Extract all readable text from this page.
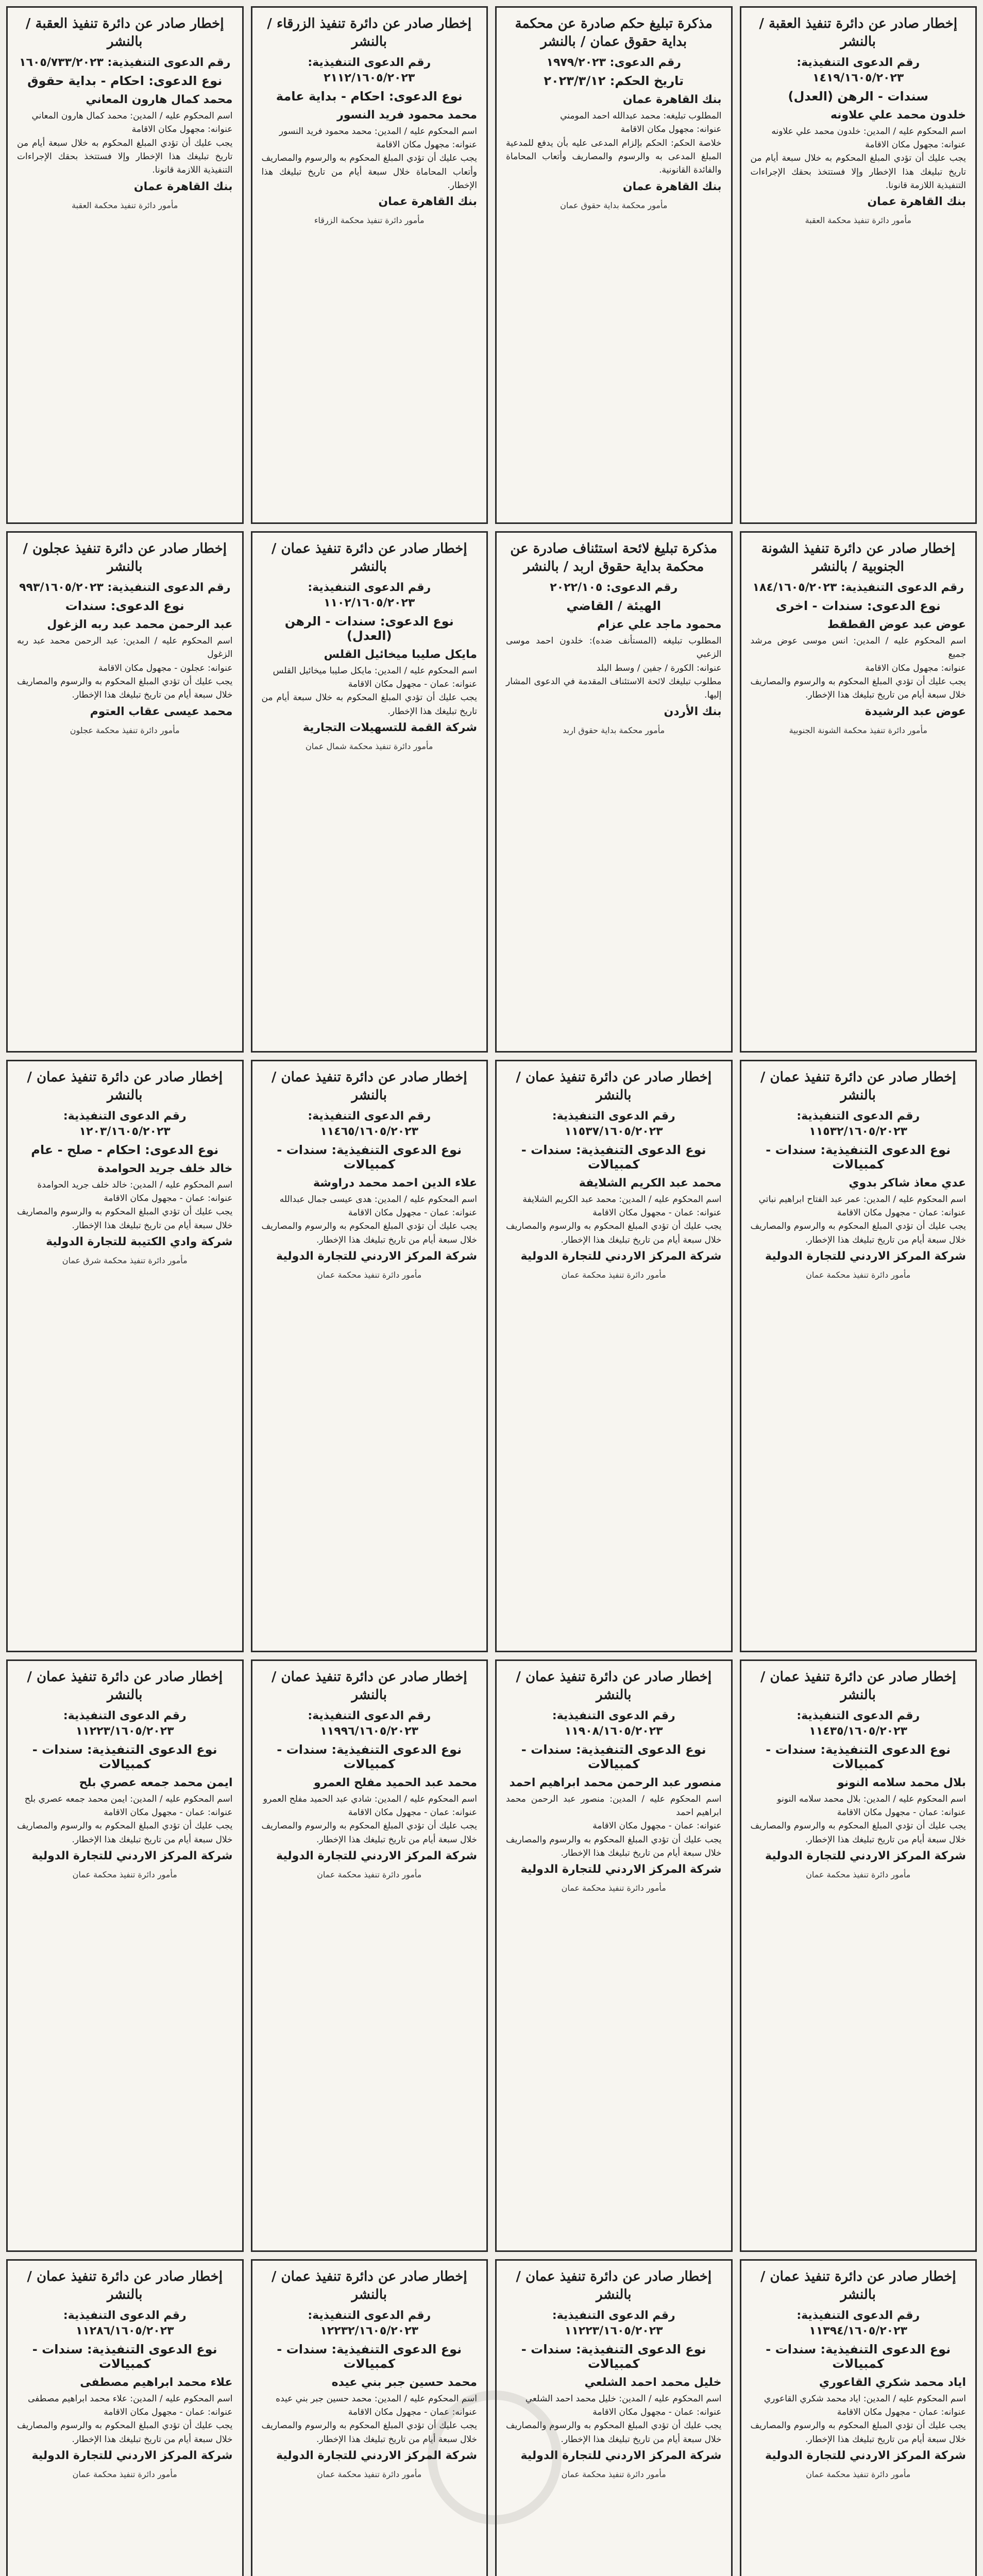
إخطار صادر عن دائرة تنفيذ العقبة / بالنشر
رقم الدعوى التنفيذية: ١٤١٩/١٦٠٥/٢٠٢٣
سندات - الرهن (العدل)
خلدون محمد علي علاونه
اسم المحكوم عليه / المدين: خلدون محمد علي علاونه
عنوانه: مجهول مكان الاقامة
يجب عليك أن تؤدي المبلغ المحكوم به خلال سبعة أيام من تاريخ تبليغك هذا الإخطار وإلا فستتخذ بحقك الإجراءات التنفيذية اللازمة قانونا.
بنك القاهرة عمان
مأمور دائرة تنفيذ محكمة العقبة
مذكرة تبليغ حكم صادرة عن محكمة بداية حقوق عمان / بالنشر
رقم الدعوى: ١٩٧٩/٢٠٢٣
تاريخ الحكم: ٢٠٢٣/٣/١٢
بنك القاهرة عمان
المطلوب تبليغه: محمد عبدالله احمد المومني
عنوانه: مجهول مكان الاقامة
خلاصة الحكم: الحكم بإلزام المدعى عليه بأن يدفع للمدعية المبلغ المدعى به والرسوم والمصاريف وأتعاب المحاماة والفائدة القانونية.
بنك القاهرة عمان
مأمور محكمة بداية حقوق عمان
إخطار صادر عن دائرة تنفيذ الزرقاء / بالنشر
رقم الدعوى التنفيذية: ٢١١٢/١٦٠٥/٢٠٢٣
نوع الدعوى: احكام - بداية عامة
محمد محمود فريد النسور
اسم المحكوم عليه / المدين: محمد محمود فريد النسور
عنوانه: مجهول مكان الاقامة
يجب عليك أن تؤدي المبلغ المحكوم به والرسوم والمصاريف وأتعاب المحاماة خلال سبعة أيام من تاريخ تبليغك هذا الإخطار.
بنك القاهرة عمان
مأمور دائرة تنفيذ محكمة الزرقاء
إخطار صادر عن دائرة تنفيذ العقبة / بالنشر
رقم الدعوى التنفيذية: ١٦٠٥/٧٣٣/٢٠٢٣
نوع الدعوى: احكام - بداية حقوق
محمد كمال هارون المعاني
اسم المحكوم عليه / المدين: محمد كمال هارون المعاني
عنوانه: مجهول مكان الاقامة
يجب عليك أن تؤدي المبلغ المحكوم به خلال سبعة أيام من تاريخ تبليغك هذا الإخطار وإلا فستتخذ بحقك الإجراءات التنفيذية اللازمة قانونا.
بنك القاهرة عمان
مأمور دائرة تنفيذ محكمة العقبة
إخطار صادر عن دائرة تنفيذ الشونة الجنوبية / بالنشر
رقم الدعوى التنفيذية: ١٨٤/١٦٠٥/٢٠٢٣
نوع الدعوى: سندات - اخرى
عوض عبد عوض القطقط
اسم المحكوم عليه / المدين: انس موسى عوض مرشد جميع
عنوانه: مجهول مكان الاقامة
يجب عليك أن تؤدي المبلغ المحكوم به والرسوم والمصاريف خلال سبعة أيام من تاريخ تبليغك هذا الإخطار.
عوض عبد الرشيدة
مأمور دائرة تنفيذ محكمة الشونة الجنوبية
مذكرة تبليغ لائحة استئناف صادرة عن محكمة بداية حقوق اربد / بالنشر
رقم الدعوى: ٢٠٢٢/١٠٥
الهيئة / القاضي
محمود ماجد علي عزام
المطلوب تبليغه (المستأنف ضده): خلدون احمد موسى الزعبي
عنوانه: الكورة / جفين / وسط البلد
مطلوب تبليغك لائحة الاستئناف المقدمة في الدعوى المشار إليها.
بنك الأردن
مأمور محكمة بداية حقوق اربد
إخطار صادر عن دائرة تنفيذ عمان / بالنشر
رقم الدعوى التنفيذية: ١١٠٢/١٦٠٥/٢٠٢٣
نوع الدعوى: سندات - الرهن (العدل)
مايكل صليبا ميخائيل القلس
اسم المحكوم عليه / المدين: مايكل صليبا ميخائيل القلس
عنوانه: عمان - مجهول مكان الاقامة
يجب عليك أن تؤدي المبلغ المحكوم به خلال سبعة أيام من تاريخ تبليغك هذا الإخطار.
شركة القمة للتسهيلات التجارية
مأمور دائرة تنفيذ محكمة شمال عمان
إخطار صادر عن دائرة تنفيذ عجلون / بالنشر
رقم الدعوى التنفيذية: ٩٩٣/١٦٠٥/٢٠٢٣
نوع الدعوى: سندات
عبد الرحمن محمد عبد ربه الزغول
اسم المحكوم عليه / المدين: عبد الرحمن محمد عبد ربه الزغول
عنوانه: عجلون - مجهول مكان الاقامة
يجب عليك أن تؤدي المبلغ المحكوم به والرسوم والمصاريف خلال سبعة أيام من تاريخ تبليغك هذا الإخطار.
محمد عيسى عقاب العتوم
مأمور دائرة تنفيذ محكمة عجلون
إخطار صادر عن دائرة تنفيذ عمان / بالنشر
رقم الدعوى التنفيذية: ١١٥٣٢/١٦٠٥/٢٠٢٣
نوع الدعوى التنفيذية: سندات - كمبيالات
عدي معاذ شاكر بدوي
اسم المحكوم عليه / المدين: عمر عبد الفتاح ابراهيم نباتي
عنوانه: عمان - مجهول مكان الاقامة
يجب عليك أن تؤدي المبلغ المحكوم به والرسوم والمصاريف خلال سبعة أيام من تاريخ تبليغك هذا الإخطار.
شركة المركز الاردني للتجارة الدولية
مأمور دائرة تنفيذ محكمة عمان
إخطار صادر عن دائرة تنفيذ عمان / بالنشر
رقم الدعوى التنفيذية: ١١٥٣٧/١٦٠٥/٢٠٢٣
نوع الدعوى التنفيذية: سندات - كمبيالات
محمد عبد الكريم الشلايفة
اسم المحكوم عليه / المدين: محمد عبد الكريم الشلايفة
عنوانه: عمان - مجهول مكان الاقامة
يجب عليك أن تؤدي المبلغ المحكوم به والرسوم والمصاريف خلال سبعة أيام من تاريخ تبليغك هذا الإخطار.
شركة المركز الاردني للتجارة الدولية
مأمور دائرة تنفيذ محكمة عمان
إخطار صادر عن دائرة تنفيذ عمان / بالنشر
رقم الدعوى التنفيذية: ١١٤٦٥/١٦٠٥/٢٠٢٣
نوع الدعوى التنفيذية: سندات - كمبيالات
علاء الدين احمد محمد دراوشة
اسم المحكوم عليه / المدين: هدى عيسى جمال عبدالله
عنوانه: عمان - مجهول مكان الاقامة
يجب عليك أن تؤدي المبلغ المحكوم به والرسوم والمصاريف خلال سبعة أيام من تاريخ تبليغك هذا الإخطار.
شركة المركز الاردني للتجارة الدولية
مأمور دائرة تنفيذ محكمة عمان
إخطار صادر عن دائرة تنفيذ عمان / بالنشر
رقم الدعوى التنفيذية: ١٢٠٣/١٦٠٥/٢٠٢٣
نوع الدعوى: احكام - صلح - عام
خالد خلف جريد الحوامدة
اسم المحكوم عليه / المدين: خالد خلف جريد الحوامدة
عنوانه: عمان - مجهول مكان الاقامة
يجب عليك أن تؤدي المبلغ المحكوم به والرسوم والمصاريف خلال سبعة أيام من تاريخ تبليغك هذا الإخطار.
شركة وادي الكتيبة للتجارة الدولية
مأمور دائرة تنفيذ محكمة شرق عمان
إخطار صادر عن دائرة تنفيذ عمان / بالنشر
رقم الدعوى التنفيذية: ١١٤٣٥/١٦٠٥/٢٠٢٣
نوع الدعوى التنفيذية: سندات - كمبيالات
بلال محمد سلامه النونو
اسم المحكوم عليه / المدين: بلال محمد سلامه النونو
عنوانه: عمان - مجهول مكان الاقامة
يجب عليك أن تؤدي المبلغ المحكوم به والرسوم والمصاريف خلال سبعة أيام من تاريخ تبليغك هذا الإخطار.
شركة المركز الاردني للتجارة الدولية
مأمور دائرة تنفيذ محكمة عمان
إخطار صادر عن دائرة تنفيذ عمان / بالنشر
رقم الدعوى التنفيذية: ١١٩٠٨/١٦٠٥/٢٠٢٣
نوع الدعوى التنفيذية: سندات - كمبيالات
منصور عبد الرحمن محمد ابراهيم احمد
اسم المحكوم عليه / المدين: منصور عبد الرحمن محمد ابراهيم احمد
عنوانه: عمان - مجهول مكان الاقامة
يجب عليك أن تؤدي المبلغ المحكوم به والرسوم والمصاريف خلال سبعة أيام من تاريخ تبليغك هذا الإخطار.
شركة المركز الاردني للتجارة الدولية
مأمور دائرة تنفيذ محكمة عمان
إخطار صادر عن دائرة تنفيذ عمان / بالنشر
رقم الدعوى التنفيذية: ١١٩٩٦/١٦٠٥/٢٠٢٣
نوع الدعوى التنفيذية: سندات - كمبيالات
محمد عبد الحميد مفلح العمرو
اسم المحكوم عليه / المدين: شادي عبد الحميد مفلح العمرو
عنوانه: عمان - مجهول مكان الاقامة
يجب عليك أن تؤدي المبلغ المحكوم به والرسوم والمصاريف خلال سبعة أيام من تاريخ تبليغك هذا الإخطار.
شركة المركز الاردني للتجارة الدولية
مأمور دائرة تنفيذ محكمة عمان
إخطار صادر عن دائرة تنفيذ عمان / بالنشر
رقم الدعوى التنفيذية: ١١٢٢٣/١٦٠٥/٢٠٢٣
نوع الدعوى التنفيذية: سندات - كمبيالات
ايمن محمد جمعه عصري بلح
اسم المحكوم عليه / المدين: ايمن محمد جمعه عصري بلح
عنوانه: عمان - مجهول مكان الاقامة
يجب عليك أن تؤدي المبلغ المحكوم به والرسوم والمصاريف خلال سبعة أيام من تاريخ تبليغك هذا الإخطار.
شركة المركز الاردني للتجارة الدولية
مأمور دائرة تنفيذ محكمة عمان
إخطار صادر عن دائرة تنفيذ عمان / بالنشر
رقم الدعوى التنفيذية: ١١٣٩٤/١٦٠٥/٢٠٢٣
نوع الدعوى التنفيذية: سندات - كمبيالات
اياد محمد شكري القاعوري
اسم المحكوم عليه / المدين: اياد محمد شكري القاعوري
عنوانه: عمان - مجهول مكان الاقامة
يجب عليك أن تؤدي المبلغ المحكوم به والرسوم والمصاريف خلال سبعة أيام من تاريخ تبليغك هذا الإخطار.
شركة المركز الاردني للتجارة الدولية
مأمور دائرة تنفيذ محكمة عمان
إخطار صادر عن دائرة تنفيذ عمان / بالنشر
رقم الدعوى التنفيذية: ١١٢٢٣/١٦٠٥/٢٠٢٣
نوع الدعوى التنفيذية: سندات - كمبيالات
خليل محمد احمد الشلعي
اسم المحكوم عليه / المدين: خليل محمد احمد الشلعي
عنوانه: عمان - مجهول مكان الاقامة
يجب عليك أن تؤدي المبلغ المحكوم به والرسوم والمصاريف خلال سبعة أيام من تاريخ تبليغك هذا الإخطار.
شركة المركز الاردني للتجارة الدولية
مأمور دائرة تنفيذ محكمة عمان
إخطار صادر عن دائرة تنفيذ عمان / بالنشر
رقم الدعوى التنفيذية: ١٢٢٣٢/١٦٠٥/٢٠٢٣
نوع الدعوى التنفيذية: سندات - كمبيالات
محمد حسين جبر بني عيده
اسم المحكوم عليه / المدين: محمد حسين جبر بني عيده
عنوانه: عمان - مجهول مكان الاقامة
يجب عليك أن تؤدي المبلغ المحكوم به والرسوم والمصاريف خلال سبعة أيام من تاريخ تبليغك هذا الإخطار.
شركة المركز الاردني للتجارة الدولية
مأمور دائرة تنفيذ محكمة عمان
إخطار صادر عن دائرة تنفيذ عمان / بالنشر
رقم الدعوى التنفيذية: ١١٢٨٦/١٦٠٥/٢٠٢٣
نوع الدعوى التنفيذية: سندات - كمبيالات
علاء محمد ابراهيم مصطفى
اسم المحكوم عليه / المدين: علاء محمد ابراهيم مصطفى
عنوانه: عمان - مجهول مكان الاقامة
يجب عليك أن تؤدي المبلغ المحكوم به والرسوم والمصاريف خلال سبعة أيام من تاريخ تبليغك هذا الإخطار.
شركة المركز الاردني للتجارة الدولية
مأمور دائرة تنفيذ محكمة عمان
